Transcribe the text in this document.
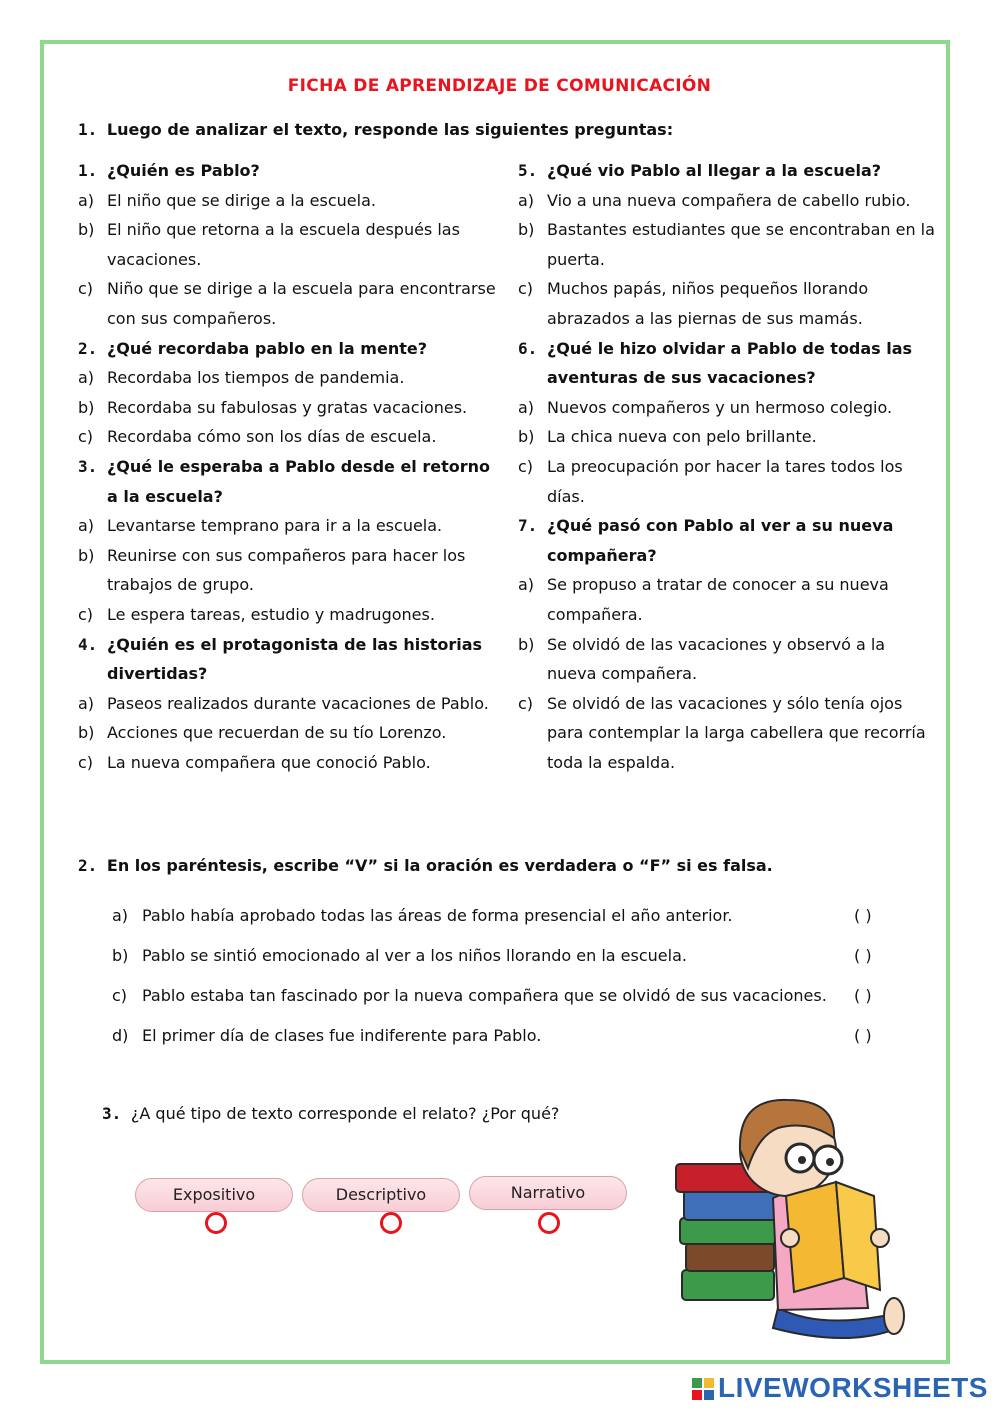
FICHA DE APRENDIZAJE DE COMUNICACIÓN
1. Luego de analizar el texto, responde las siguientes preguntas:
1. ¿Quién es Pablo?
a) El niño que se dirige a la escuela.
b) El niño que retorna a la escuela después las vacaciones.
c) Niño que se dirige a la escuela para encontrarse con sus compañeros.
2. ¿Qué recordaba pablo en la mente?
a) Recordaba los tiempos de pandemia.
b) Recordaba su fabulosas y gratas vacaciones.
c) Recordaba cómo son los días de escuela.
3. ¿Qué le esperaba a Pablo desde el retorno a la escuela?
a) Levantarse temprano para ir a la escuela.
b) Reunirse con sus compañeros para hacer los trabajos de grupo.
c) Le espera tareas, estudio y madrugones.
4. ¿Quién es el protagonista de las historias divertidas?
a) Paseos realizados durante vacaciones de Pablo.
b) Acciones que recuerdan de su tío Lorenzo.
c) La nueva compañera que conoció Pablo.
5. ¿Qué vio Pablo al llegar a la escuela?
a) Vio a una nueva compañera de cabello rubio.
b) Bastantes estudiantes que se encontraban en la puerta.
c) Muchos papás, niños pequeños llorando abrazados a las piernas de sus mamás.
6. ¿Qué le hizo olvidar a Pablo de todas las aventuras de sus vacaciones?
a) Nuevos compañeros y un hermoso colegio.
b) La chica nueva con pelo brillante.
c) La preocupación por hacer la tares todos los días.
7. ¿Qué pasó con Pablo al ver a su nueva compañera?
a) Se propuso a tratar de conocer a su nueva compañera.
b) Se olvidó de las vacaciones y observó a la nueva compañera.
c) Se olvidó de las vacaciones y sólo tenía ojos para contemplar la larga cabellera que recorría toda la espalda.
2. En los paréntesis, escribe “V” si la oración es verdadera o “F” si es falsa.
a) Pablo había aprobado todas las áreas de forma presencial el año anterior.	( )
b) Pablo se sintió emocionado al ver a los niños llorando en la escuela.	( )
c) Pablo estaba tan fascinado por la nueva compañera que se olvidó de sus vacaciones. ( )
d) El primer día de clases fue indiferente para Pablo.	( )
3. ¿A qué tipo de texto corresponde el relato? ¿Por qué?
Expositivo	Descriptivo	Narrativo
LIVEWORKSHEETS
